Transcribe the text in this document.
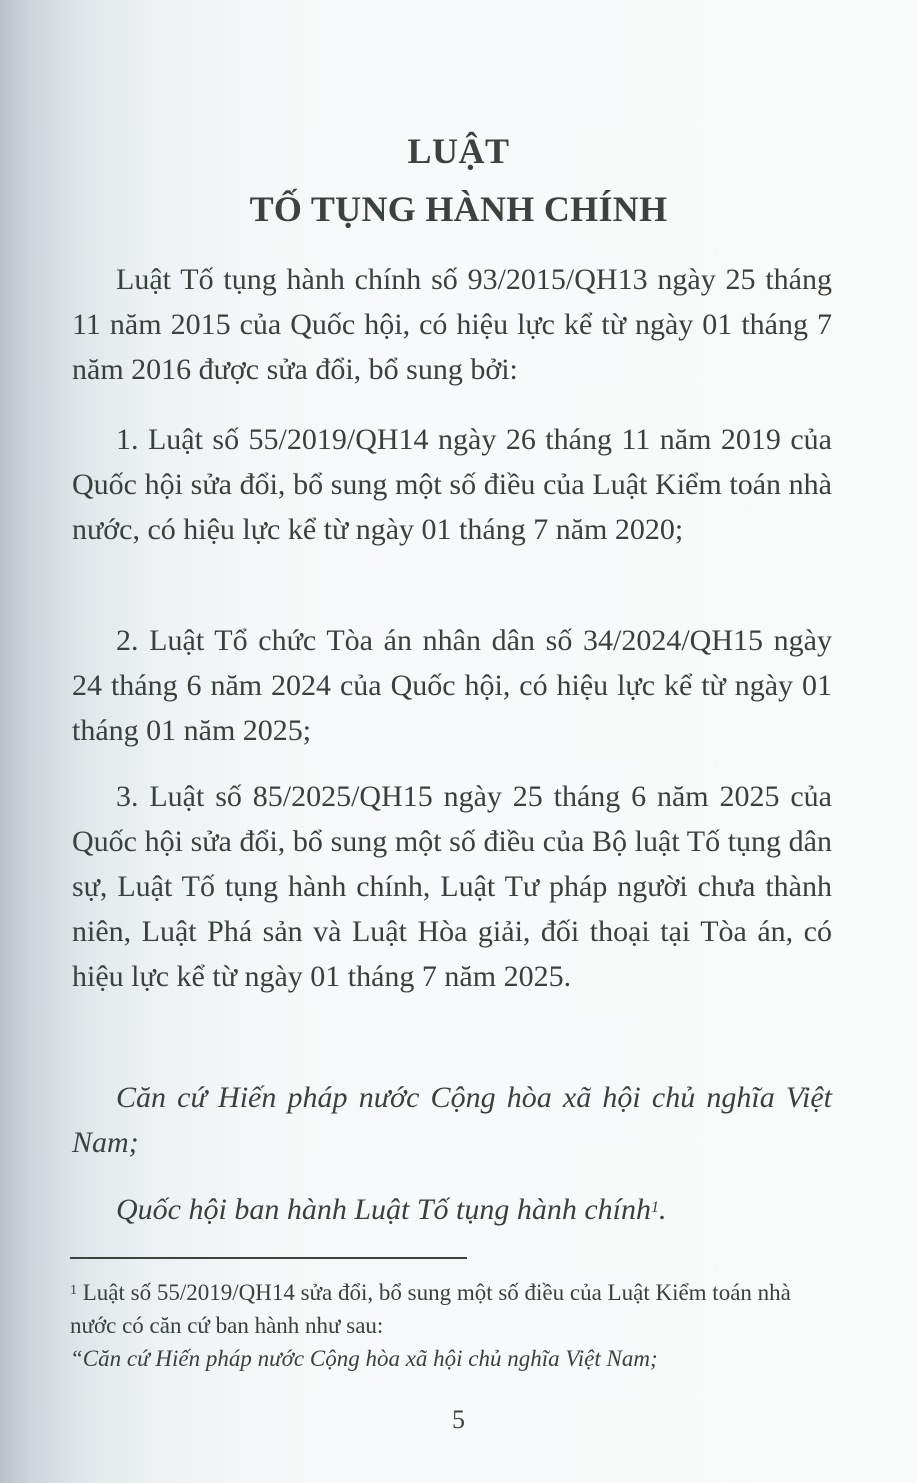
LUẬT
TỐ TỤNG HÀNH CHÍNH
Luật Tố tụng hành chính số 93/2015/QH13 ngày 25 tháng 11 năm 2015 của Quốc hội, có hiệu lực kể từ ngày 01 tháng 7 năm 2016 được sửa đổi, bổ sung bởi:
1. Luật số 55/2019/QH14 ngày 26 tháng 11 năm 2019 của Quốc hội sửa đổi, bổ sung một số điều của Luật Kiểm toán nhà nước, có hiệu lực kể từ ngày 01 tháng 7 năm 2020;
2. Luật Tổ chức Tòa án nhân dân số 34/2024/QH15 ngày 24 tháng 6 năm 2024 của Quốc hội, có hiệu lực kể từ ngày 01 tháng 01 năm 2025;
3. Luật số 85/2025/QH15 ngày 25 tháng 6 năm 2025 của Quốc hội sửa đổi, bổ sung một số điều của Bộ luật Tố tụng dân sự, Luật Tố tụng hành chính, Luật Tư pháp người chưa thành niên, Luật Phá sản và Luật Hòa giải, đối thoại tại Tòa án, có hiệu lực kể từ ngày 01 tháng 7 năm 2025.
Căn cứ Hiến pháp nước Cộng hòa xã hội chủ nghĩa Việt Nam;
Quốc hội ban hành Luật Tố tụng hành chính$^1$.
$^1$ Luật số 55/2019/QH14 sửa đổi, bổ sung một số điều của Luật Kiểm toán nhà nước có căn cứ ban hành như sau:
“Căn cứ Hiến pháp nước Cộng hòa xã hội chủ nghĩa Việt Nam;
5
